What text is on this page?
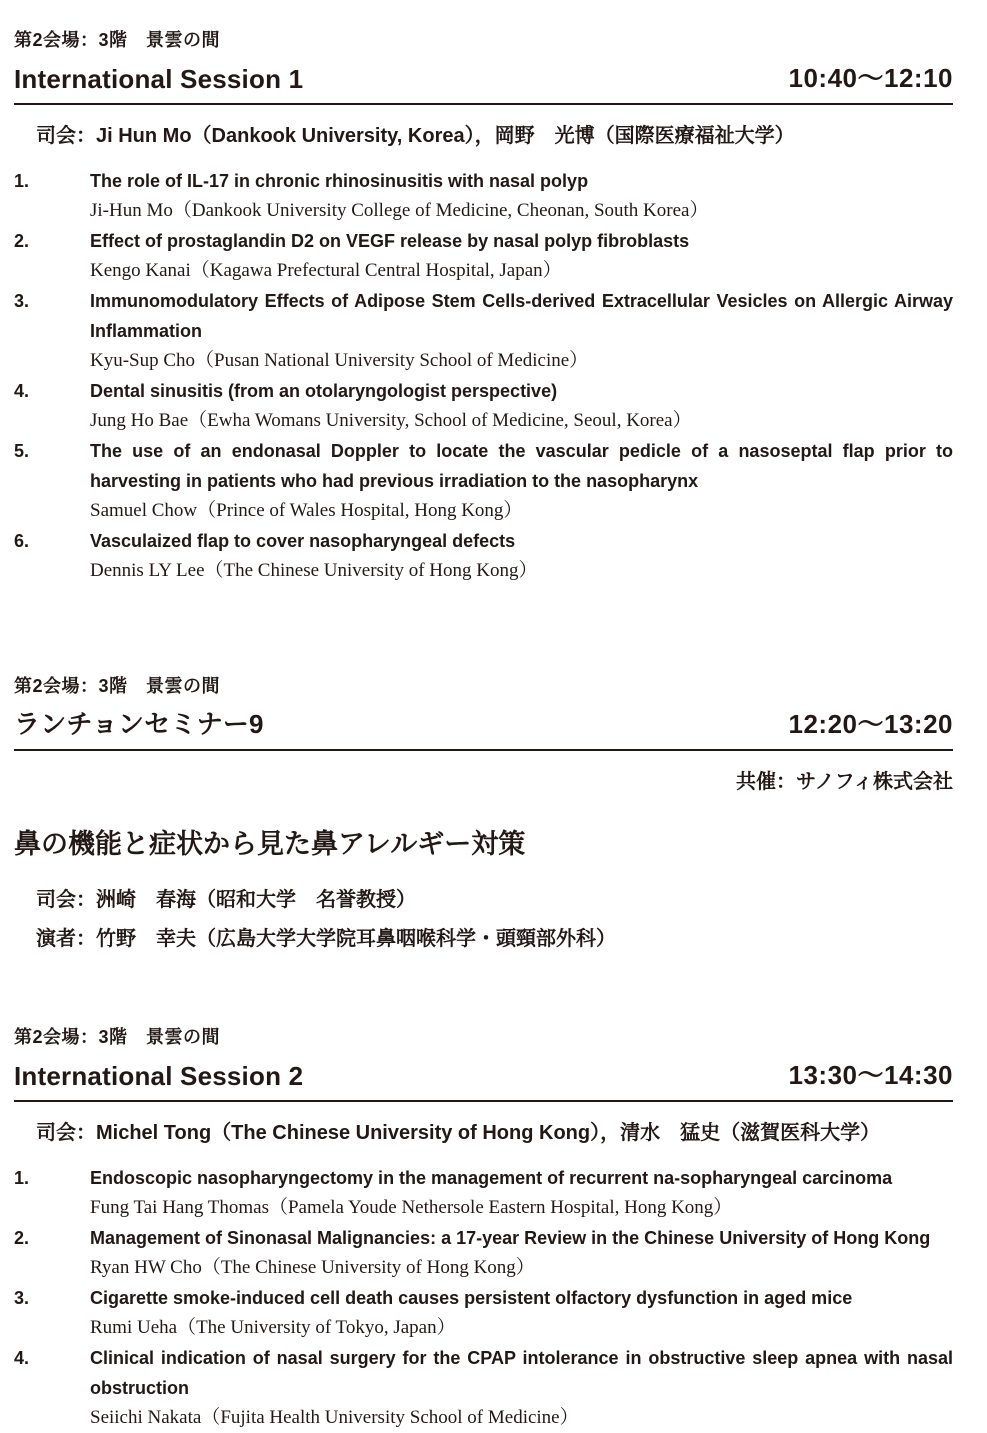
第2会場：3階　景雲の間
International Session 1	10:40〜12:10
司会：Ji Hun Mo（Dankook University, Korea），岡野　光博（国際医療福祉大学）
1.	The role of IL-17 in chronic rhinosinusitis with nasal polyp

Ji-Hun Mo（Dankook University College of Medicine, Cheonan, South Korea）

2.	Effect of prostaglandin D2 on VEGF release by nasal polyp fibroblasts

Kengo Kanai（Kagawa Prefectural Central Hospital, Japan）

3.	Immunomodulatory Effects of Adipose Stem Cells-derived Extracellular Vesicles on Allergic Airway Inflammation

Kyu-Sup Cho（Pusan National University School of Medicine）

4.	Dental sinusitis (from an otolaryngologist perspective)

Jung Ho Bae（Ewha Womans University, School of Medicine, Seoul, Korea）

5.	The use of an endonasal Doppler to locate the vascular pedicle of a nasoseptal flap prior to harvesting in patients who had previous irradiation to the nasopharynx

Samuel Chow（Prince of Wales Hospital, Hong Kong）

6.	Vasculaized flap to cover nasopharyngeal defects

Dennis LY Lee（The Chinese University of Hong Kong）

第2会場：3階　景雲の間
ランチョンセミナー9	12:20〜13:20
共催：サノフィ株式会社
鼻の機能と症状から見た鼻アレルギー対策
司会：洲崎　春海（昭和大学　名誉教授）
演者：竹野　幸夫（広島大学大学院耳鼻咽喉科学・頭頸部外科）
第2会場：3階　景雲の間
International Session 2	13:30〜14:30
司会：Michel Tong（The Chinese University of Hong Kong），清水　猛史（滋賀医科大学）
1.	Endoscopic nasopharyngectomy in the management of recurrent na-sopharyngeal carcinoma

Fung Tai Hang Thomas（Pamela Youde Nethersole Eastern Hospital, Hong Kong）

2.	Management of Sinonasal Malignancies: a 17-year Review in the Chinese University of Hong Kong

Ryan HW Cho（The Chinese University of Hong Kong）

3.	Cigarette smoke-induced cell death causes persistent olfactory dysfunction in aged mice

Rumi Ueha（The University of Tokyo, Japan）

4.	Clinical indication of nasal surgery for the CPAP intolerance in obstructive sleep apnea with nasal obstruction

Seiichi Nakata（Fujita Health University School of Medicine）
